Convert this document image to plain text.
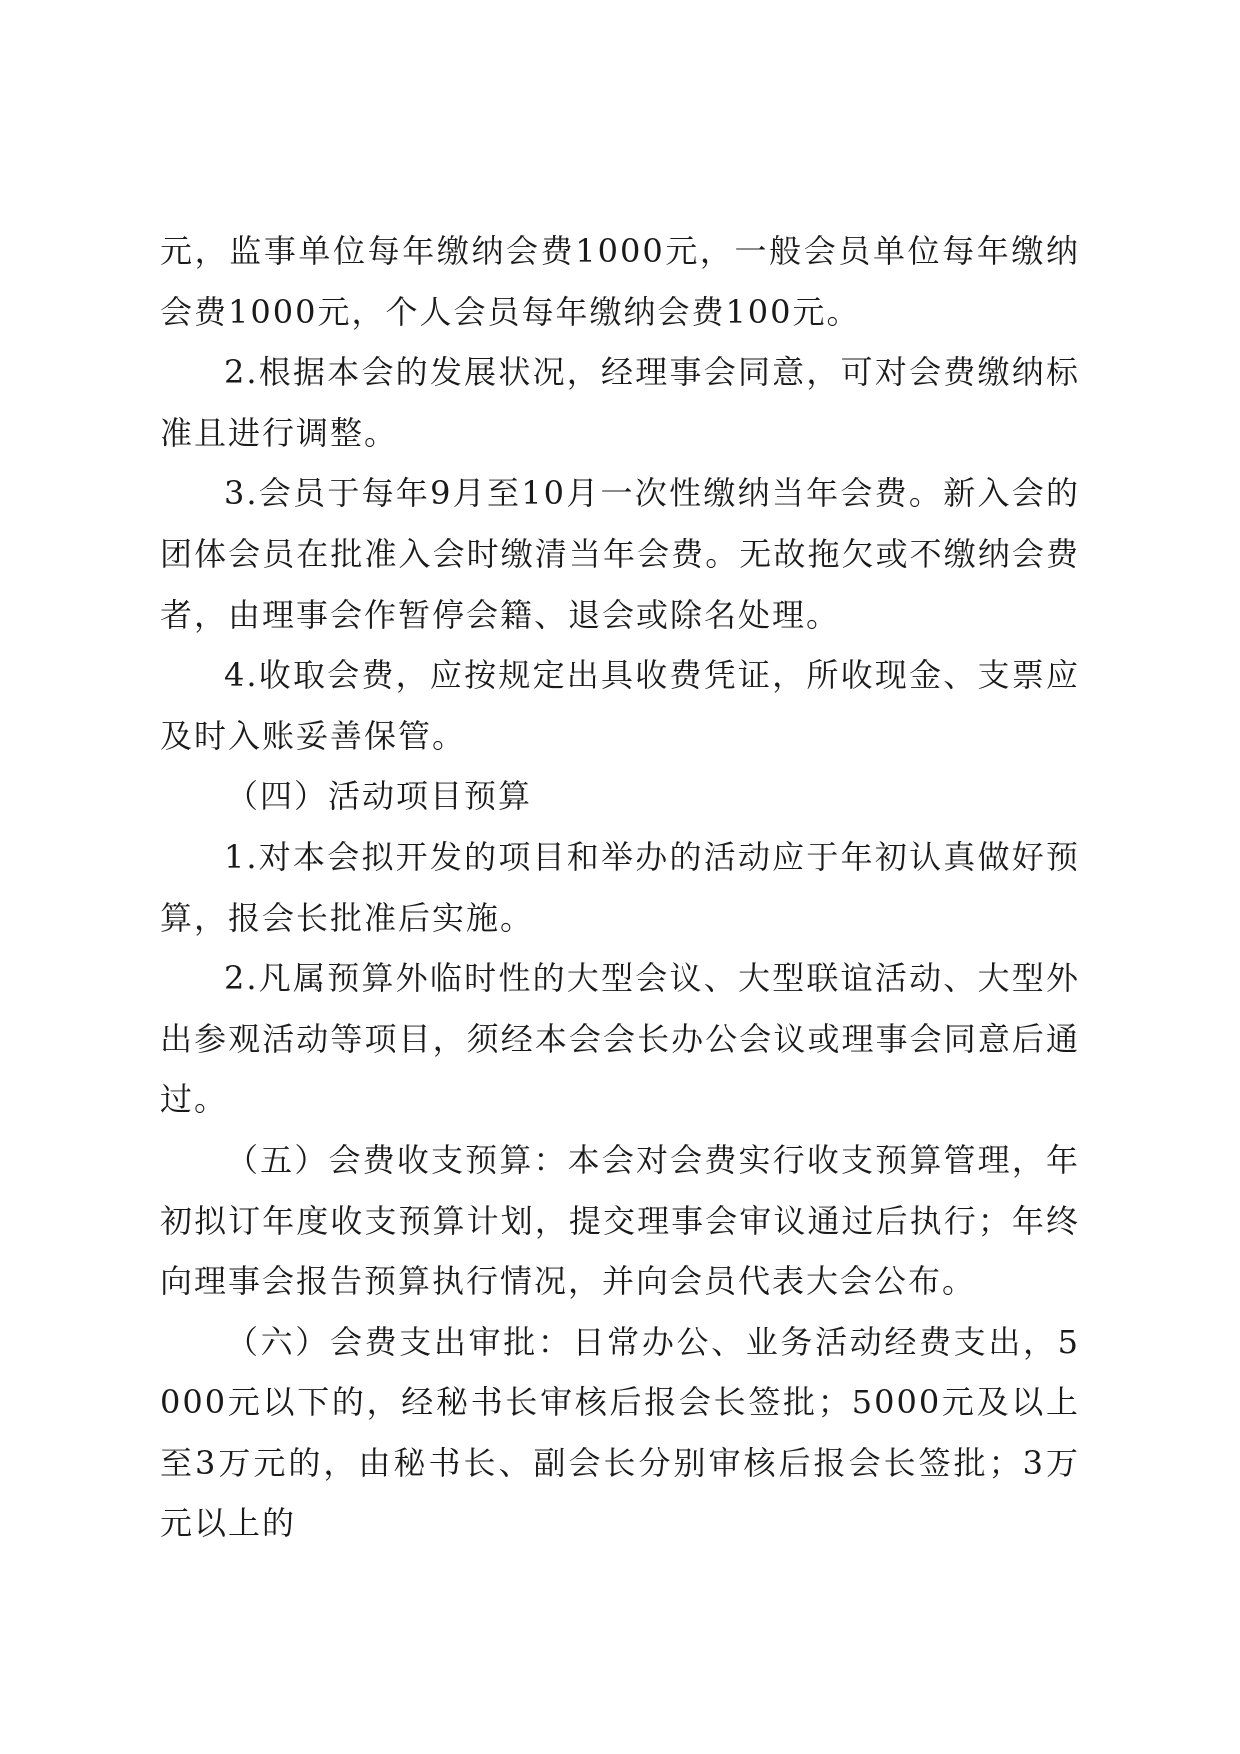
元，监事单位每年缴纳会费1000元，一般会员单位每年缴纳会费1000元，个人会员每年缴纳会费100元。

2.根据本会的发展状况，经理事会同意，可对会费缴纳标准且进行调整。

3.会员于每年9月至10月一次性缴纳当年会费。新入会的团体会员在批准入会时缴清当年会费。无故拖欠或不缴纳会费者，由理事会作暂停会籍、退会或除名处理。

4.收取会费，应按规定出具收费凭证，所收现金、支票应及时入账妥善保管。

（四）活动项目预算

1.对本会拟开发的项目和举办的活动应于年初认真做好预算，报会长批准后实施。

2.凡属预算外临时性的大型会议、大型联谊活动、大型外出参观活动等项目，须经本会会长办公会议或理事会同意后通过。

（五）会费收支预算：本会对会费实行收支预算管理，年初拟订年度收支预算计划，提交理事会审议通过后执行；年终向理事会报告预算执行情况，并向会员代表大会公布。

（六）会费支出审批：日常办公、业务活动经费支出，5000元以下的，经秘书长审核后报会长签批；5000元及以上至3万元的，由秘书长、副会长分别审核后报会长签批；3万元以上的
